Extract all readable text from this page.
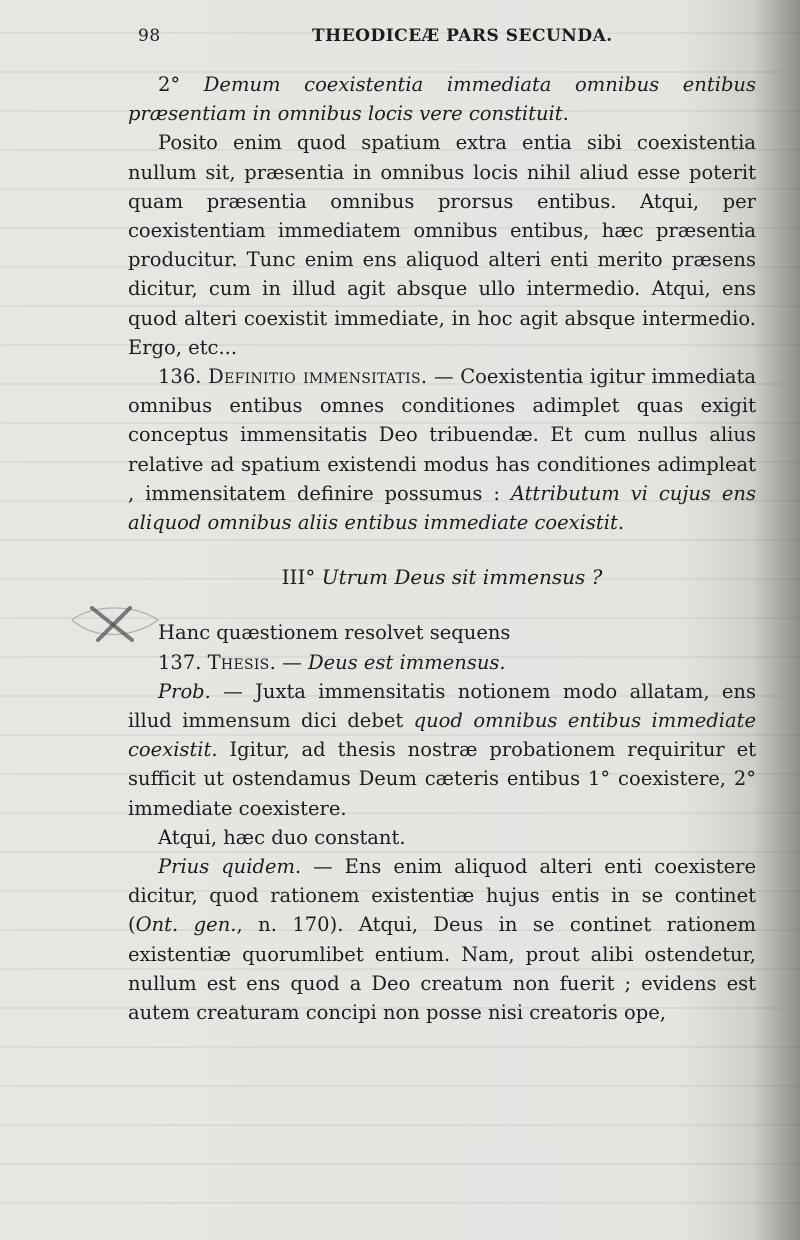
98	THEODICEÆ PARS SECUNDA.

2° Demum coexistentia immediata omnibus entibus præsentiam in omnibus locis vere constituit.

Posito enim quod spatium extra entia sibi coexistentia nullum sit, præsentia in omnibus locis nihil aliud esse poterit quam præsentia omnibus prorsus entibus. Atqui, per coexistentiam immediatem omnibus entibus, hæc præsentia producitur. Tunc enim ens aliquod alteri enti merito præsens dicitur, cum in illud agit absque ullo intermedio. Atqui, ens quod alteri coexistit immediate, in hoc agit absque intermedio. Ergo, etc...

136. Definitio immensitatis. — Coexistentia igitur immediata omnibus entibus omnes conditiones adimplet quas exigit conceptus immensitatis Deo tribuendæ. Et cum nullus alius relative ad spatium existendi modus has conditiones adimpleat , immensitatem definire possumus : Attributum vi cujus ens aliquod omnibus aliis entibus immediate coexistit.

III° Utrum Deus sit immensus ?

Hanc quæstionem resolvet sequens

137. Thesis. — Deus est immensus.

Prob. — Juxta immensitatis notionem modo allatam, ens illud immensum dici debet quod omnibus entibus immediate coexistit. Igitur, ad thesis nostræ probationem requiritur et sufficit ut ostendamus Deum cæteris entibus 1° coexistere, 2° immediate coexistere.

Atqui, hæc duo constant.

Prius quidem. — Ens enim aliquod alteri enti coexistere dicitur, quod rationem existentiæ hujus entis in se continet (Ont. gen., n. 170). Atqui, Deus in se continet rationem existentiæ quorumlibet entium. Nam, prout alibi ostendetur, nullum est ens quod a Deo creatum non fuerit ; evidens est autem creaturam concipi non posse nisi creatoris ope,
